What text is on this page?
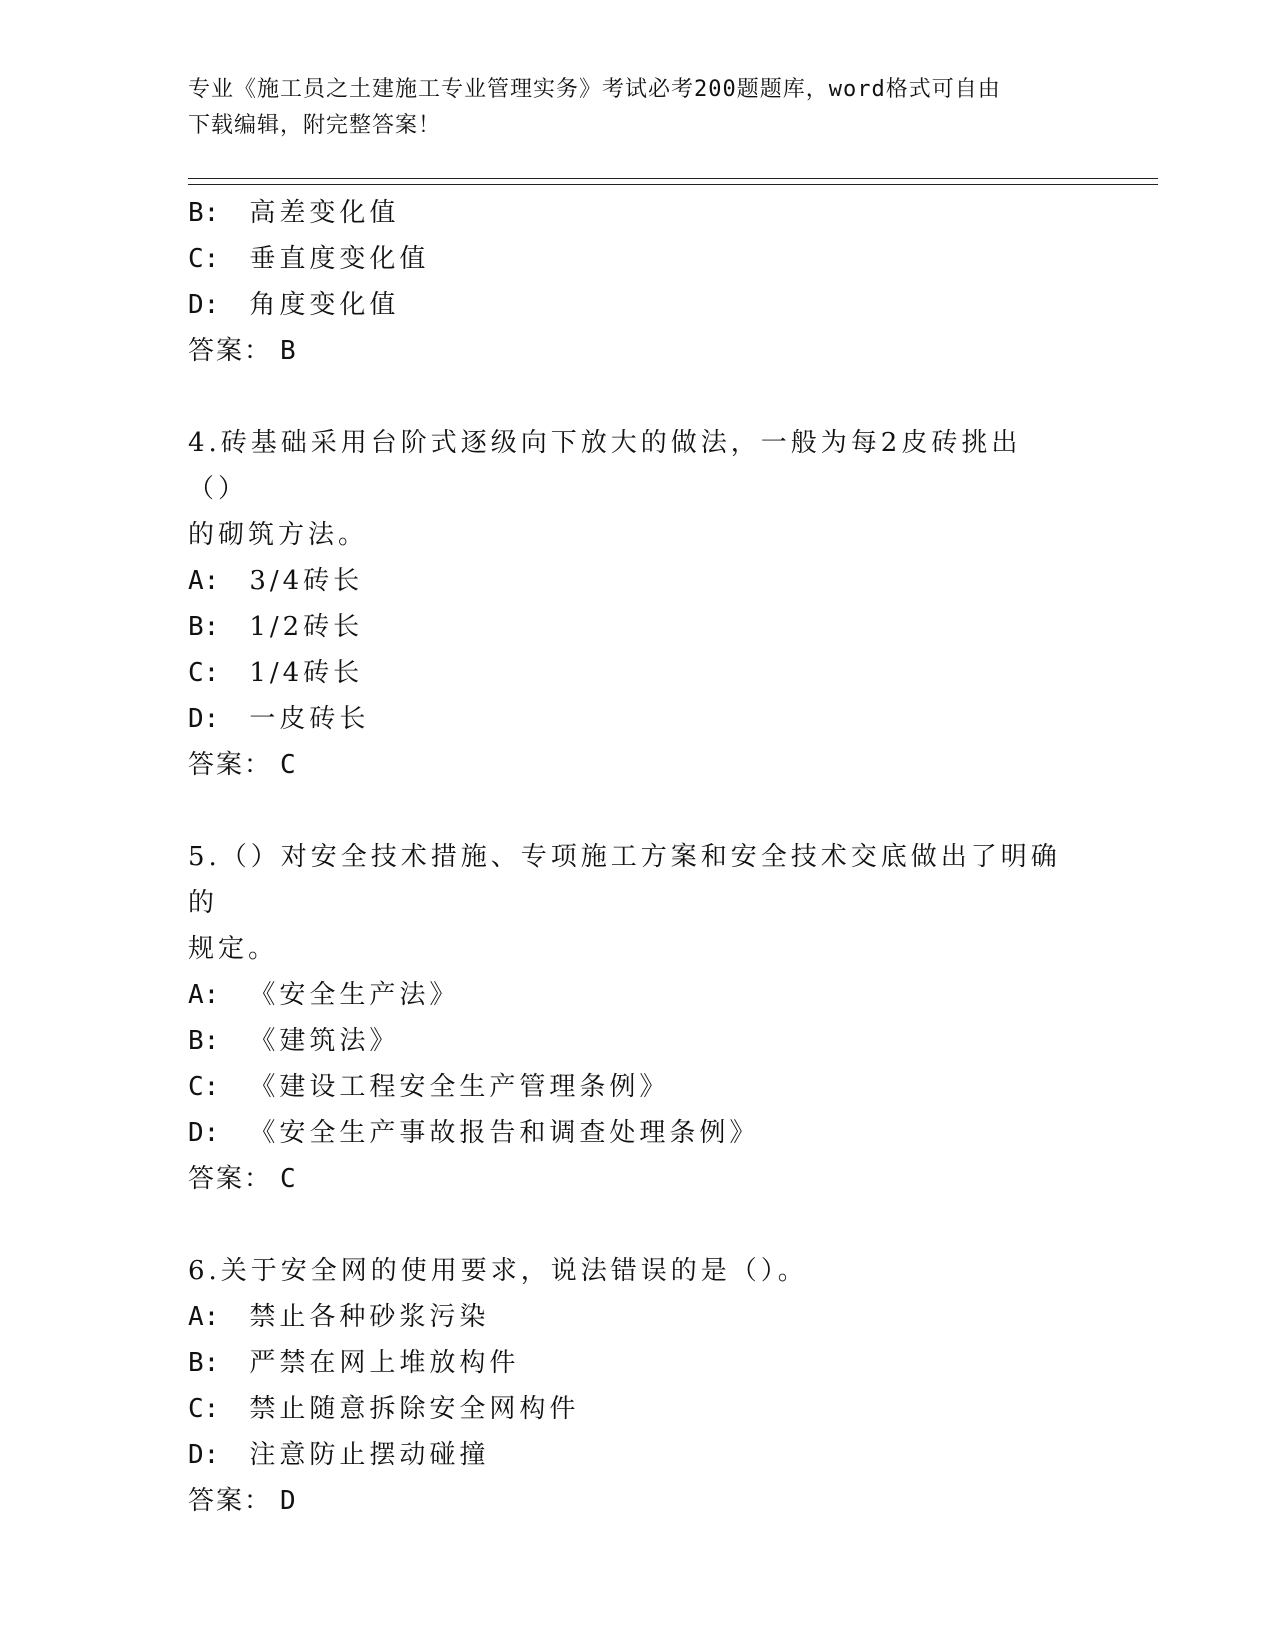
专业《施工员之土建施工专业管理实务》考试必考200题题库，word格式可自由
下载编辑，附完整答案！
B: 高差变化值
C: 垂直度变化值
D: 角度变化值
答案： B
4.砖基础采用台阶式逐级向下放大的做法，一般为每2皮砖挑出（）
的砌筑方法。
A: 3/4砖长
B: 1/2砖长
C: 1/4砖长
D: 一皮砖长
答案： C
5.（）对安全技术措施、专项施工方案和安全技术交底做出了明确的
规定。
A: 《安全生产法》
B: 《建筑法》
C: 《建设工程安全生产管理条例》
D: 《安全生产事故报告和调查处理条例》
答案： C
6.关于安全网的使用要求，说法错误的是（）。
A: 禁止各种砂浆污染
B: 严禁在网上堆放构件
C: 禁止随意拆除安全网构件
D: 注意防止摆动碰撞
答案： D
